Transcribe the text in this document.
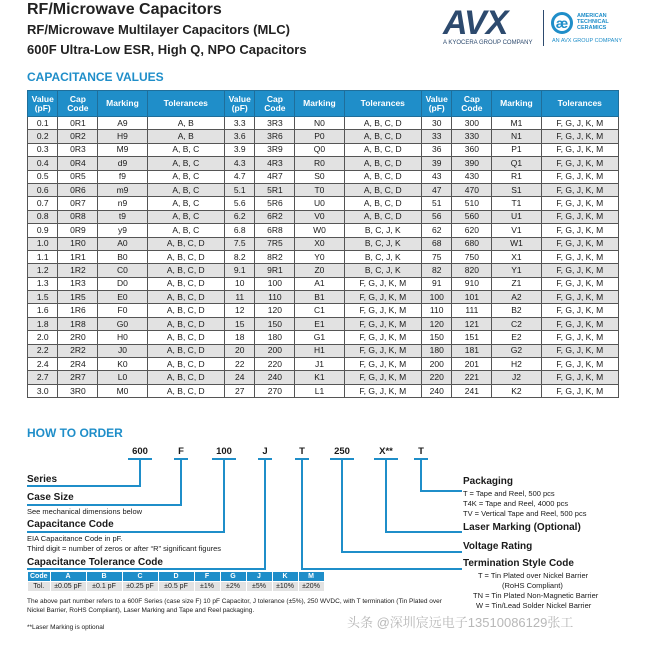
RF/Microwave Capacitors
RF/Microwave Multilayer Capacitors (MLC)
600F Ultra-Low ESR, High Q, NPO Capacitors
AVX
A KYOCERA GROUP COMPANY
æ	AMERICAN TECHNICAL CERAMICS
AN AVX GROUP COMPANY
CAPACITANCE VALUES
Value (pF)	Cap Code	Marking	Tolerances	Value (pF)	Cap Code	Marking	Tolerances	Value (pF)	Cap Code	Marking	Tolerances
0.1	0R1	A9	A, B	3.3	3R3	N0	A, B, C, D	30	300	M1	F, G, J, K, M
0.2	0R2	H9	A, B	3.6	3R6	P0	A, B, C, D	33	330	N1	F, G, J, K, M
0.3	0R3	M9	A, B, C	3.9	3R9	Q0	A, B, C, D	36	360	P1	F, G, J, K, M
0.4	0R4	d9	A, B, C	4.3	4R3	R0	A, B, C, D	39	390	Q1	F, G, J, K, M
0.5	0R5	f9	A, B, C	4.7	4R7	S0	A, B, C, D	43	430	R1	F, G, J, K, M
0.6	0R6	m9	A, B, C	5.1	5R1	T0	A, B, C, D	47	470	S1	F, G, J, K, M
0.7	0R7	n9	A, B, C	5.6	5R6	U0	A, B, C, D	51	510	T1	F, G, J, K, M
0.8	0R8	t9	A, B, C	6.2	6R2	V0	A, B, C, D	56	560	U1	F, G, J, K, M
0.9	0R9	y9	A, B, C	6.8	6R8	W0	B, C, J, K	62	620	V1	F, G, J, K, M
1.0	1R0	A0	A, B, C, D	7.5	7R5	X0	B, C, J, K	68	680	W1	F, G, J, K, M
1.1	1R1	B0	A, B, C, D	8.2	8R2	Y0	B, C, J, K	75	750	X1	F, G, J, K, M
1.2	1R2	C0	A, B, C, D	9.1	9R1	Z0	B, C, J, K	82	820	Y1	F, G, J, K, M
1.3	1R3	D0	A, B, C, D	10	100	A1	F, G, J, K, M	91	910	Z1	F, G, J, K, M
1.5	1R5	E0	A, B, C, D	11	110	B1	F, G, J, K, M	100	101	A2	F, G, J, K, M
1.6	1R6	F0	A, B, C, D	12	120	C1	F, G, J, K, M	110	111	B2	F, G, J, K, M
1.8	1R8	G0	A, B, C, D	15	150	E1	F, G, J, K, M	120	121	C2	F, G, J, K, M
2.0	2R0	H0	A, B, C, D	18	180	G1	F, G, J, K, M	150	151	E2	F, G, J, K, M
2.2	2R2	J0	A, B, C, D	20	200	H1	F, G, J, K, M	180	181	G2	F, G, J, K, M
2.4	2R4	K0	A, B, C, D	22	220	J1	F, G, J, K, M	200	201	H2	F, G, J, K, M
2.7	2R7	L0	A, B, C, D	24	240	K1	F, G, J, K, M	220	221	J2	F, G, J, K, M
3.0	3R0	M0	A, B, C, D	27	270	L1	F, G, J, K, M	240	241	K2	F, G, J, K, M
HOW TO ORDER
600	F	100	J	T	250	X**	T
Series
Case Size
See mechanical dimensions below
Capacitance Code
EIA Capacitance Code in pF.
Third digit = number of zeros or after “R” significant figures
Capacitance Tolerance Code
Packaging
T = Tape and Reel, 500 pcs
T4K = Tape and Reel, 4000 pcs
TV = Vertical Tape and Reel, 500 pcs
Laser Marking (Optional)
Voltage Rating
Termination Style Code
T = Tin Plated over Nickel Barrier
(RoHS Compliant)
TN = Tin Plated Non-Magnetic Barrier
W = Tin/Lead Solder Nickel Barrier
Code	A	B	C	D	F	G	J	K	M
Tol.	±0.05 pF	±0.1 pF	±0.25 pF	±0.5 pF	±1%	±2%	±5%	±10%	±20%
The above part number refers to a 600F Series (case size F) 10 pF Capacitor, J tolerance (±5%), 250 WVDC, with T termination (Tin Plated over Nickel Barrier, RoHS Compliant), Laser Marking and Tape and Reel packaging.
**Laser Marking is optional	头条 @深圳宸远电子13510086129张工
